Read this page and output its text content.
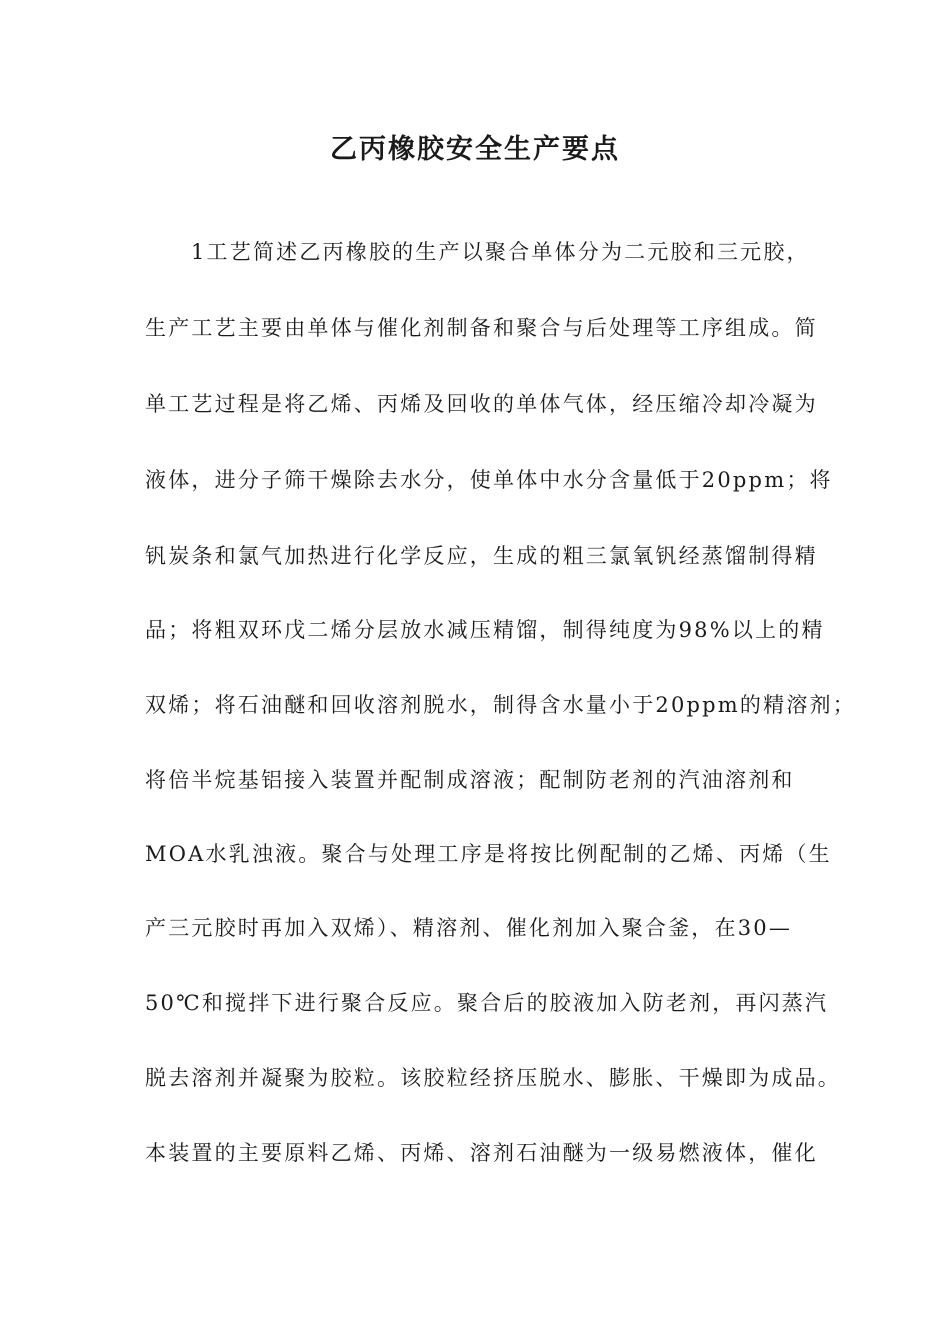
乙丙橡胶安全生产要点
1工艺简述乙丙橡胶的生产以聚合单体分为二元胶和三元胶，
生产工艺主要由单体与催化剂制备和聚合与后处理等工序组成。简
单工艺过程是将乙烯、丙烯及回收的单体气体，经压缩冷却冷凝为
液体，进分子筛干燥除去水分，使单体中水分含量低于20ppm；将
钒炭条和氯气加热进行化学反应，生成的粗三氯氧钒经蒸馏制得精
品；将粗双环戊二烯分层放水减压精馏，制得纯度为98%以上的精
双烯；将石油醚和回收溶剂脱水，制得含水量小于20ppm的精溶剂；
将倍半烷基铝接入装置并配制成溶液；配制防老剂的汽油溶剂和
MOA水乳浊液。聚合与处理工序是将按比例配制的乙烯、丙烯（生
产三元胶时再加入双烯）、精溶剂、催化剂加入聚合釜，在30—
50℃和搅拌下进行聚合反应。聚合后的胶液加入防老剂，再闪蒸汽
脱去溶剂并凝聚为胶粒。该胶粒经挤压脱水、膨胀、干燥即为成品。
本装置的主要原料乙烯、丙烯、溶剂石油醚为一级易燃液体，催化
